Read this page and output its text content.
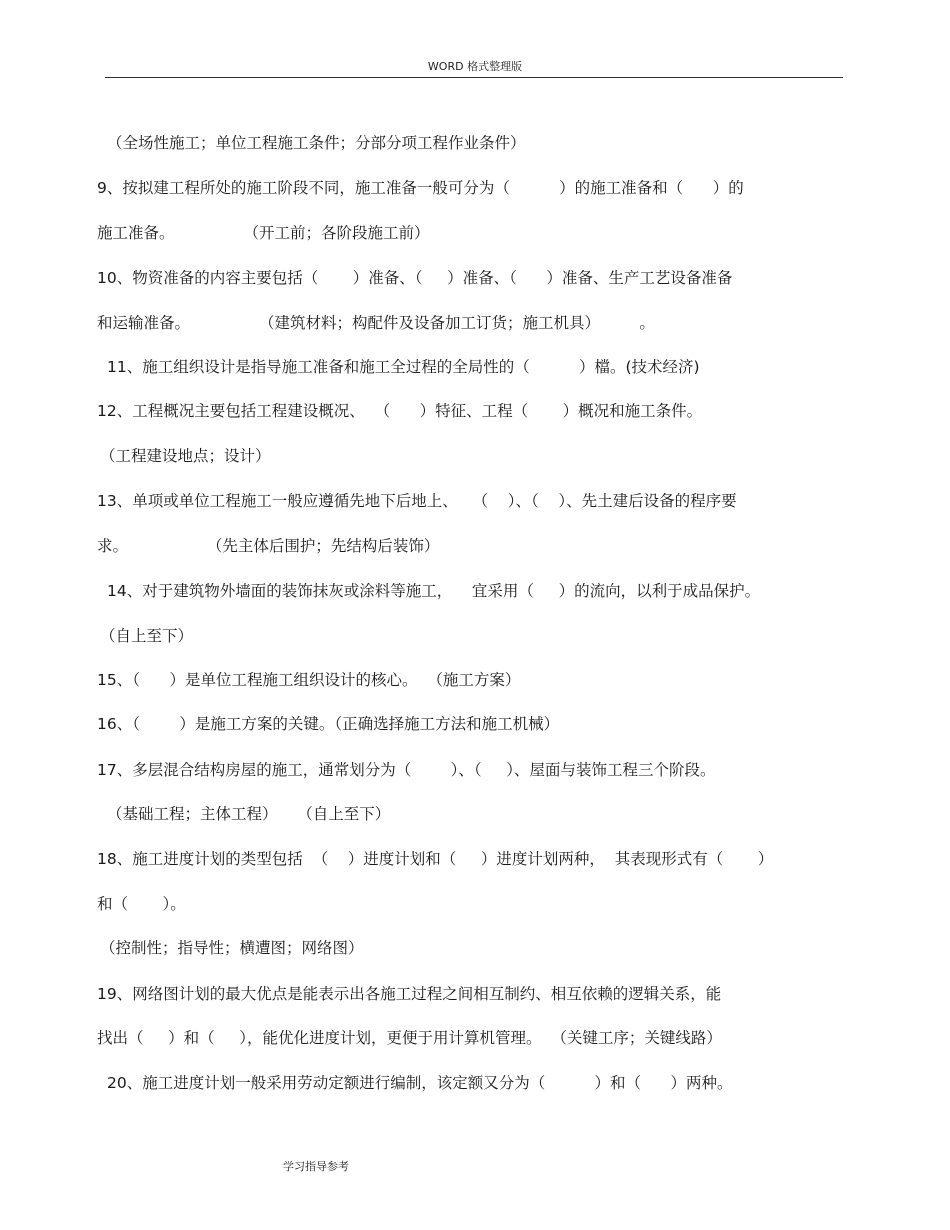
WORD 格式整理版
（全场性施工；单位工程施工条件；分部分项工程作业条件）
9、按拟建工程所处的施工阶段不同，施工准备一般可分为（          ）的施工准备和（      ）的
施工准备。              （开工前；各阶段施工前）
10、物资准备的内容主要包括（       ）准备、（     ）准备、（      ）准备、生产工艺设备准备
和运输准备。              （建筑材料；构配件及设备加工订货；施工机具）        。
11、施工组织设计是指导施工准备和施工全过程的全局性的（          ）檔。(技术经济)
12、工程概况主要包括工程建设概况、  （      ）特征、工程（       ）概况和施工条件。
（工程建设地点；设计）
13、单项或单位工程施工一般应遵循先地下后地上、   （    ）、（    ）、先土建后设备的程序要
求。                （先主体后围护；先结构后装饰）
14、对于建筑物外墙面的装饰抹灰或涂料等施工，    宜采用（     ）的流向，以利于成品保护。
（自上至下）
15、（      ）是单位工程施工组织设计的核心。  （施工方案）
16、（        ）是施工方案的关键。（正确选择施工方法和施工机械）
17、多层混合结构房屋的施工，通常划分为（        ）、（     ）、屋面与装饰工程三个阶段。
（基础工程；主体工程）    （自上至下）
18、施工进度计划的类型包括  （    ）进度计划和（     ）进度计划两种，  其表现形式有（       ）
和（       ）。
（控制性；指导性；横遭图；网络图）
19、网络图计划的最大优点是能表示出各施工过程之间相互制约、相互依赖的逻辑关系，能
找出（     ）和（     ），能优化进度计划，更便于用计算机管理。  （关键工序；关键线路）
20、施工进度计划一般采用劳动定额进行编制，该定额又分为（          ）和（      ）两种。
学习指导参考
